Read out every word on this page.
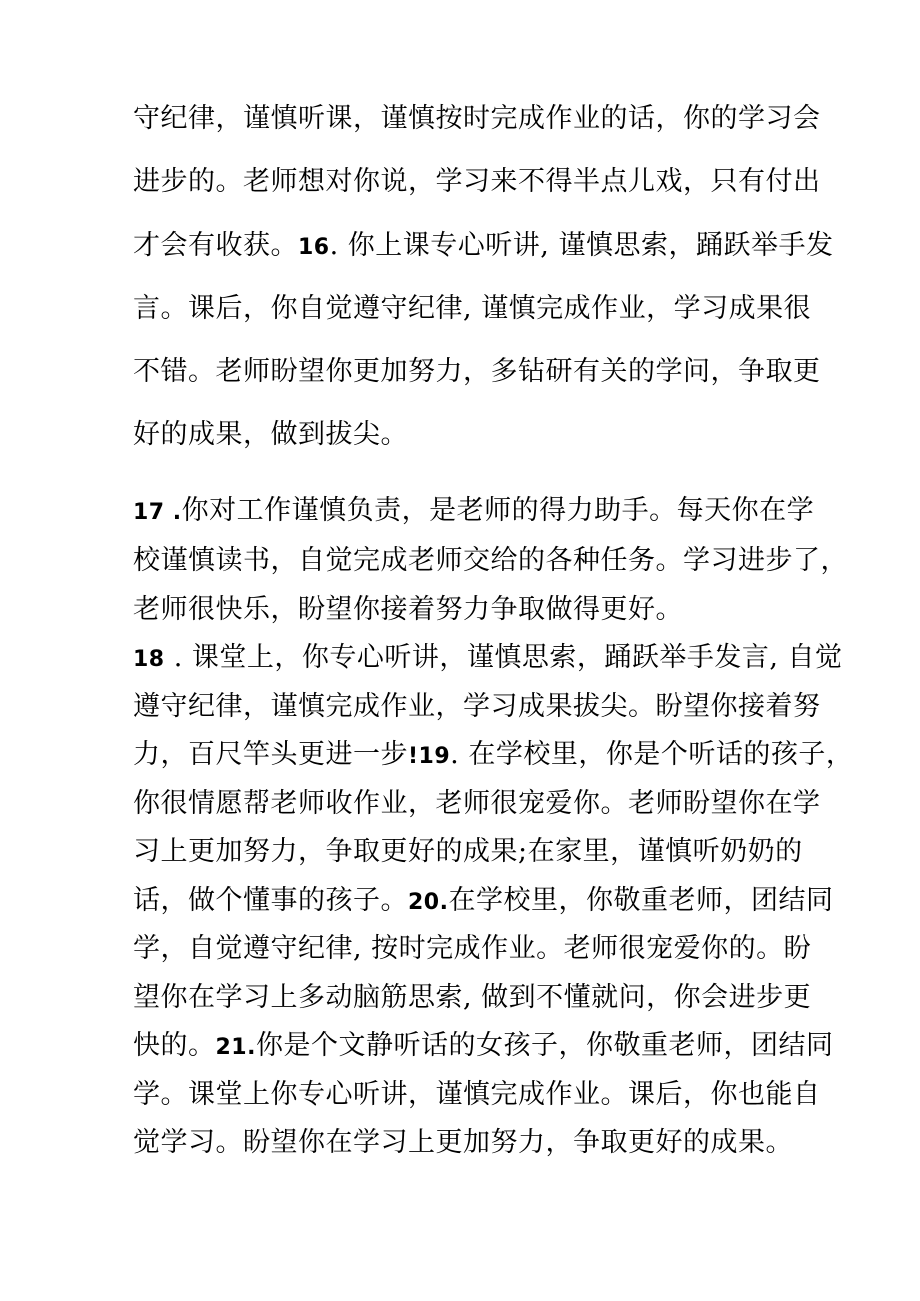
守纪律，谨慎听课，谨慎按时完成作业的话，你的学习会
进步的。老师想对你说，学习来不得半点儿戏，只有付出
才会有收获。16. 你上课专心听讲, 谨慎思索，踊跃举手发
言。课后，你自觉遵守纪律, 谨慎完成作业，学习成果很
不错。老师盼望你更加努力，多钻研有关的学问，争取更
好的成果，做到拔尖。
17 .你对工作谨慎负责，是老师的得力助手。每天你在学
校谨慎读书，自觉完成老师交给的各种任务。学习进步了，
老师很快乐，盼望你接着努力争取做得更好。
18 . 课堂上，你专心听讲，谨慎思索，踊跃举手发言, 自觉
遵守纪律，谨慎完成作业，学习成果拔尖。盼望你接着努
力，百尺竿头更进一步!19. 在学校里，你是个听话的孩子，
你很情愿帮老师收作业，老师很宠爱你。老师盼望你在学
习上更加努力，争取更好的成果;在家里，谨慎听奶奶的
话，做个懂事的孩子。20.在学校里，你敬重老师，团结同
学，自觉遵守纪律, 按时完成作业。老师很宠爱你的。盼
望你在学习上多动脑筋思索, 做到不懂就问，你会进步更
快的。21.你是个文静听话的女孩子，你敬重老师，团结同
学。课堂上你专心听讲，谨慎完成作业。课后，你也能自
觉学习。盼望你在学习上更加努力，争取更好的成果。
